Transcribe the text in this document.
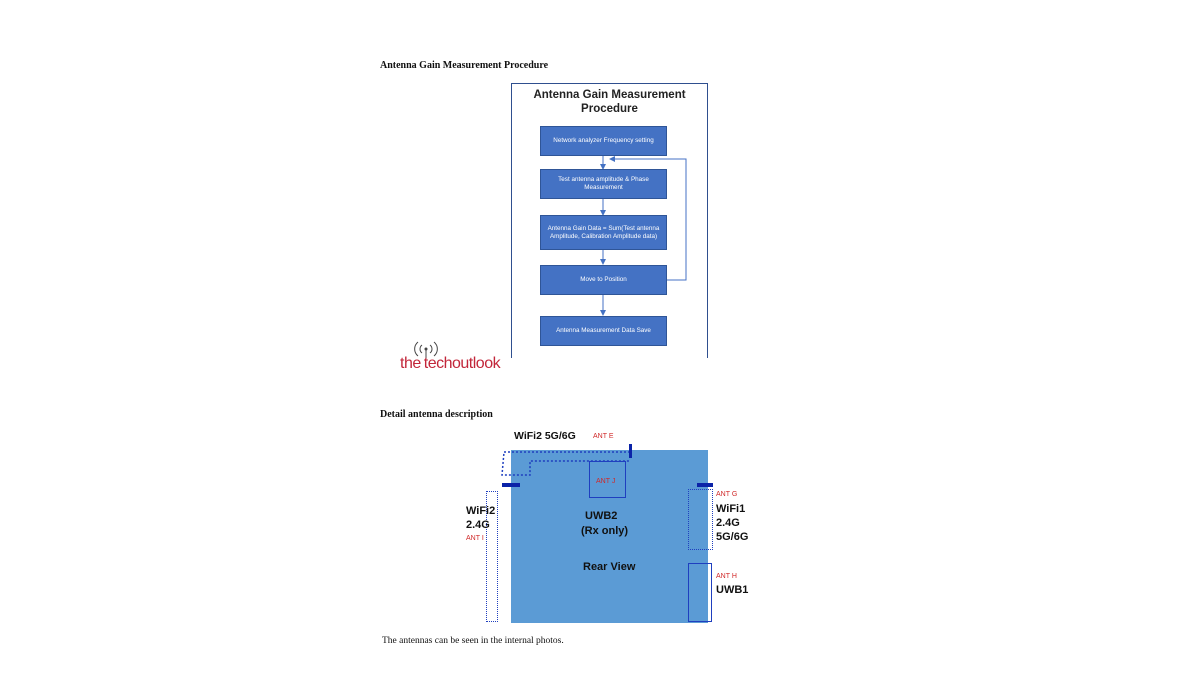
Antenna Gain Measurement Procedure
Antenna Gain Measurement
Procedure
Network analyzer Frequency setting
Test antenna amplitude & Phase Measurement
Antenna Gain Data = Sum(Test antenna Amplitude, Calibration Amplitude data)
Move to Position
Antenna Measurement Data Save
the techoutlook
Detail antenna description
WiFi2 5G/6G ANT E
ANT J
UWB2
(Rx only)
WiFi2
2.4G
ANT I
ANT G
WiFi1
2.4G
5G/6G
Rear View
ANT H
UWB1
The antennas can be seen in the internal photos.
